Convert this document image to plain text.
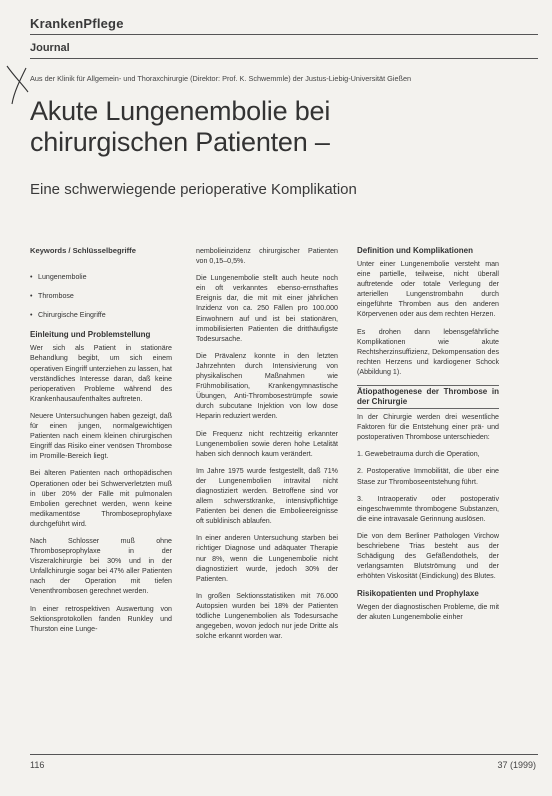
KrankenPflege
Journal
Aus der Klinik für Allgemein- und Thoraxchirurgie (Direktor: Prof. K. Schwemmle) der Justus-Liebig-Universität Gießen
Akute Lungenembolie bei
chirurgischen Patienten –
Eine schwerwiegende perioperative Komplikation
Keywords / Schlüsselbegriffe
• Lungenembolie
• Thrombose
• Chirurgische Eingriffe
Einleitung und Problemstellung

Wer sich als Patient in stationäre Behandlung begibt, um sich einem operativen Eingriff unterziehen zu lassen, hat verständliches Interesse daran, daß keine perioperativen Probleme während des Krankenhausaufenthaltes auftreten.

Neuere Untersuchungen haben gezeigt, daß für einen jungen, normalgewichtigen Patienten nach einem kleinen chirurgischen Eingriff das Risiko einer venösen Thrombose im Promille-Bereich liegt.

Bei älteren Patienten nach orthopädischen Operationen oder bei Schwerverletzten muß in über 20% der Fälle mit pulmonalen Embolien gerechnet werden, wenn keine medikamentöse Thromboseprophylaxe durchgeführt wird.

Nach Schlosser muß ohne Thromboseprophylaxe in der Viszeralchirurgie bei 30% und in der Unfallchirurgie sogar bei 47% aller Patienten nach der Operation mit tiefen Venenthrombosen gerechnet werden.

In einer retrospektiven Auswertung von Sektionsprotokollen fanden Runkley und Thurston eine Lunge-

nembolieinzidenz chirurgischer Patienten von 0,15–0,5%.

Die Lungenembolie stellt auch heute noch ein oft verkanntes ebenso-ernsthaftes Ereignis dar, die mit mit einer jährlichen Inzidenz von ca. 250 Fällen pro 100.000 Einwohnern auf und ist bei stationären, immobilisierten Patienten die dritthäufigste Todesursache.

Die Prävalenz konnte in den letzten Jahrzehnten durch Intensivierung von physikalischen Maßnahmen wie Frühmobilisation, Krankengymnastische Übungen, Anti-Thrombosestrümpfe sowie durch subcutane Injektion von low dose Heparin reduziert werden.

Die Frequenz nicht rechtzeitig erkannter Lungenembolien sowie deren hohe Letalität haben sich dennoch kaum verändert.

Im Jahre 1975 wurde festgestellt, daß 71% der Lungenembolien intravital nicht diagnostiziert werden. Betroffene sind vor allem schwerstkranke, intensivpflichtige Patienten bei denen die Embolieereignisse oft subklinisch ablaufen.

In einer anderen Untersuchung starben bei richtiger Diagnose und adäquater Therapie nur 8%, wenn die Lungenembolie nicht diagnostiziert wurde, jedoch 30% der Patienten.

In großen Sektionsstatistiken mit 76.000 Autopsien wurden bei 18% der Patienten tödliche Lungenembolien als Todesursache angegeben, wovon jedoch nur jede Dritte als solche erkannt worden war.

Definition und Komplikationen

Unter einer Lungenembolie versteht man eine partielle, teilweise, nicht überall auftretende oder totale Verlegung der arteriellen Lungenstrombahn durch eingeführte Thromben aus den anderen Körpervenen oder aus dem rechten Herzen.

Es drohen dann lebensgefährliche Komplikationen wie akute Rechtsherzinsuffizienz, Dekompensation des rechten Herzens und kardiogener Schock (Abbildung 1).

Ätiopathogenese der Thrombose in der Chirurgie

In der Chirurgie werden drei wesentliche Faktoren für die Entstehung einer prä- und postoperativen Thrombose unterschieden:

1. Gewebetrauma durch die Operation,

2. Postoperative Immobilität, die über eine Stase zur Thromboseentstehung führt.

3. Intraoperativ oder postoperativ eingeschwemmte thrombogene Substanzen, die eine intravasale Gerinnung auslösen.

Die von dem Berliner Pathologen Virchow beschriebene Trias besteht aus der Schädigung des Gefäßendothels, der verlangsamten Blutströmung und der erhöhten Viskosität (Eindickung) des Blutes.

Risikopatienten und Prophylaxe

Wegen der diagnostischen Probleme, die mit der akuten Lungenembolie einher

116	37 (1999)
